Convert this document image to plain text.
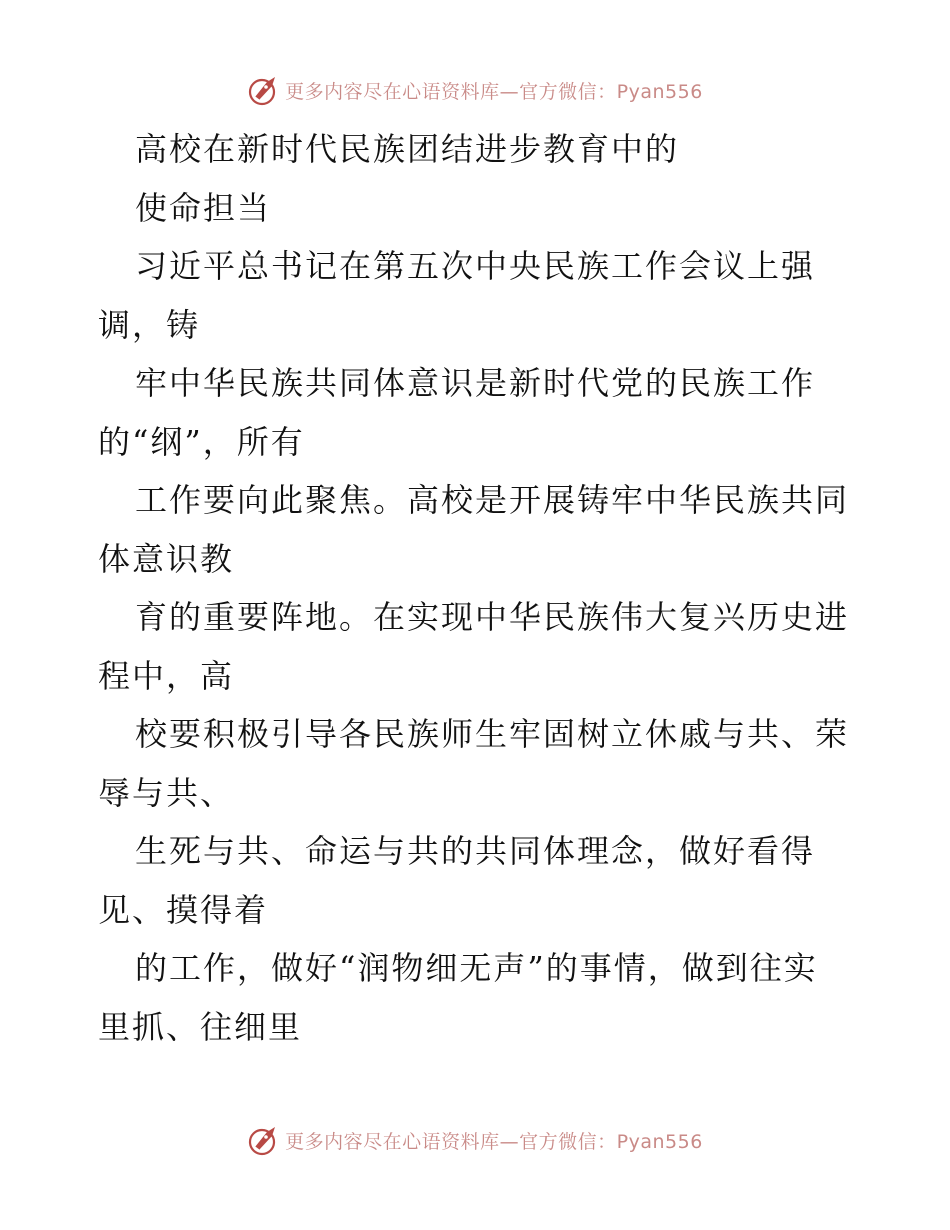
更多内容尽在心语资料库—官方微信：Pyan556
高校在新时代民族团结进步教育中的
使命担当
习近平总书记在第五次中央民族工作会议上强
调，铸
牢中华民族共同体意识是新时代党的民族工作
的“纲”，所有
工作要向此聚焦。高校是开展铸牢中华民族共同
体意识教
育的重要阵地。在实现中华民族伟大复兴历史进
程中，高
校要积极引导各民族师生牢固树立休戚与共、荣
辱与共、
生死与共、命运与共的共同体理念，做好看得
见、摸得着
的工作，做好“润物细无声”的事情，做到往实
里抓、往细里
更多内容尽在心语资料库—官方微信：Pyan556
